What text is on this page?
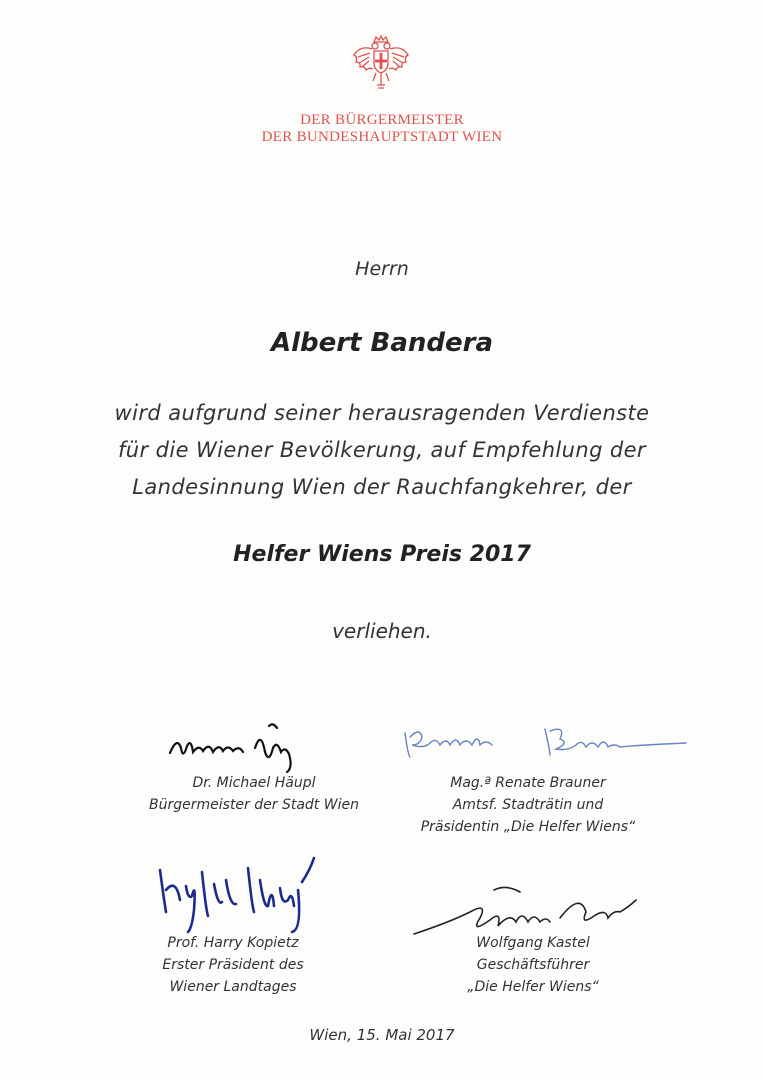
DER BÜRGERMEISTER
DER BUNDESHAUPTSTADT WIEN
Herrn
Albert Bandera
wird aufgrund seiner herausragenden Verdienste
für die Wiener Bevölkerung, auf Empfehlung der
Landesinnung Wien der Rauchfangkehrer, der
Helfer Wiens Preis 2017
verliehen.
Dr. Michael Häupl
Bürgermeister der Stadt Wien
Mag.ª Renate Brauner
Amtsf. Stadträtin und
Präsidentin „Die Helfer Wiens“
Prof. Harry Kopietz
Erster Präsident des
Wiener Landtages
Wolfgang Kastel
Geschäftsführer
„Die Helfer Wiens“
Wien, 15. Mai 2017
